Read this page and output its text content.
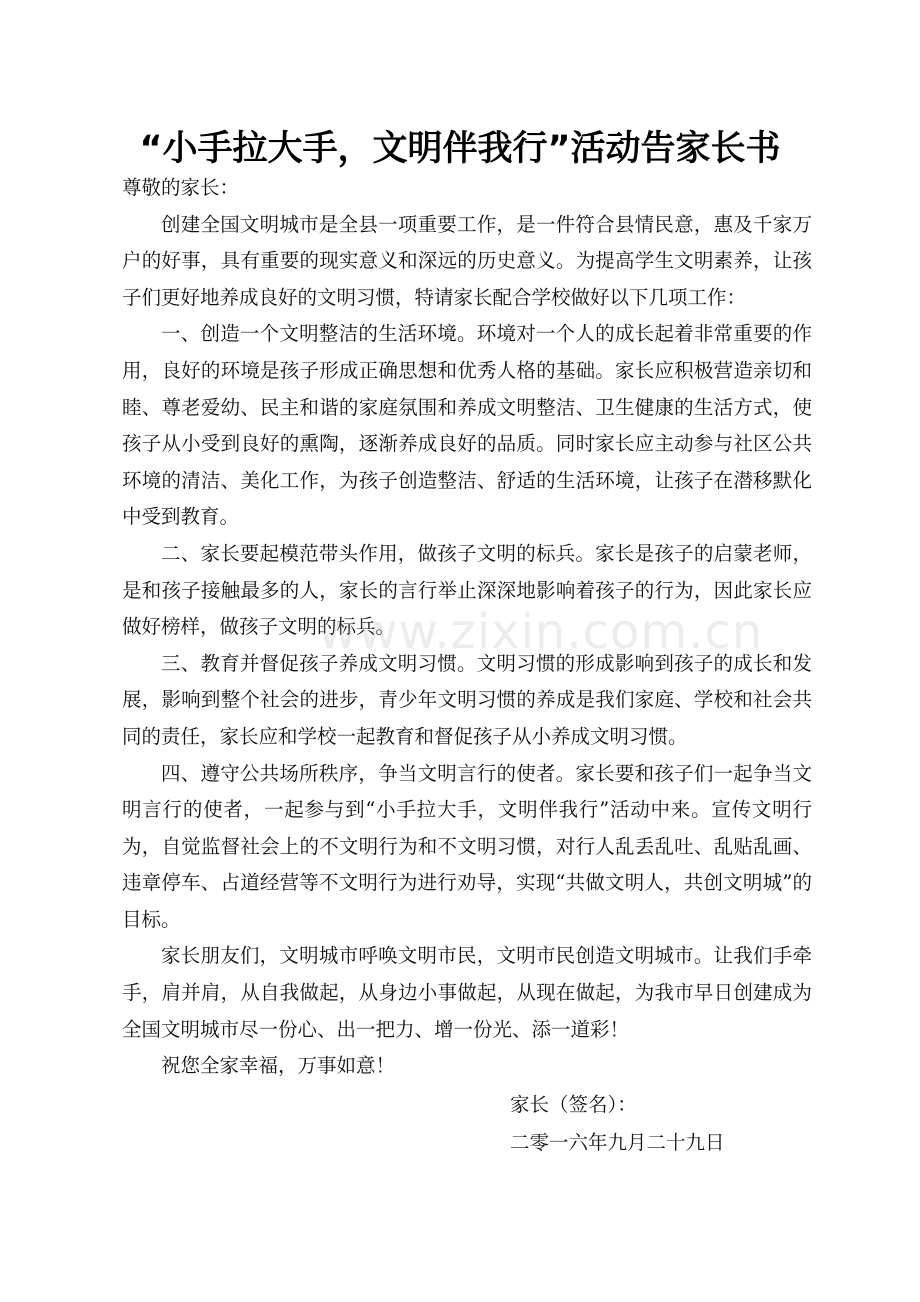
“小手拉大手，文明伴我行”活动告家长书

尊敬的家长：

创建全国文明城市是全县一项重要工作，是一件符合县情民意，惠及千家万户的好事，具有重要的现实意义和深远的历史意义。为提高学生文明素养，让孩子们更好地养成良好的文明习惯，特请家长配合学校做好以下几项工作：

一、创造一个文明整洁的生活环境。环境对一个人的成长起着非常重要的作用，良好的环境是孩子形成正确思想和优秀人格的基础。家长应积极营造亲切和睦、尊老爱幼、民主和谐的家庭氛围和养成文明整洁、卫生健康的生活方式，使孩子从小受到良好的熏陶，逐渐养成良好的品质。同时家长应主动参与社区公共环境的清洁、美化工作，为孩子创造整洁、舒适的生活环境，让孩子在潜移默化中受到教育。

二、家长要起模范带头作用，做孩子文明的标兵。家长是孩子的启蒙老师，是和孩子接触最多的人，家长的言行举止深深地影响着孩子的行为，因此家长应做好榜样，做孩子文明的标兵。

三、教育并督促孩子养成文明习惯。文明习惯的形成影响到孩子的成长和发展，影响到整个社会的进步，青少年文明习惯的养成是我们家庭、学校和社会共同的责任，家长应和学校一起教育和督促孩子从小养成文明习惯。

四、遵守公共场所秩序，争当文明言行的使者。家长要和孩子们一起争当文明言行的使者，一起参与到“小手拉大手，文明伴我行”活动中来。宣传文明行为，自觉监督社会上的不文明行为和不文明习惯，对行人乱丢乱吐、乱贴乱画、违章停车、占道经营等不文明行为进行劝导，实现“共做文明人，共创文明城”的目标。

家长朋友们，文明城市呼唤文明市民，文明市民创造文明城市。让我们手牵手，肩并肩，从自我做起，从身边小事做起，从现在做起，为我市早日创建成为全国文明城市尽一份心、出一把力、增一份光、添一道彩！

祝您全家幸福，万事如意！

家长（签名）：
二零一六年九月二十九日
www.zixin.com.cn
